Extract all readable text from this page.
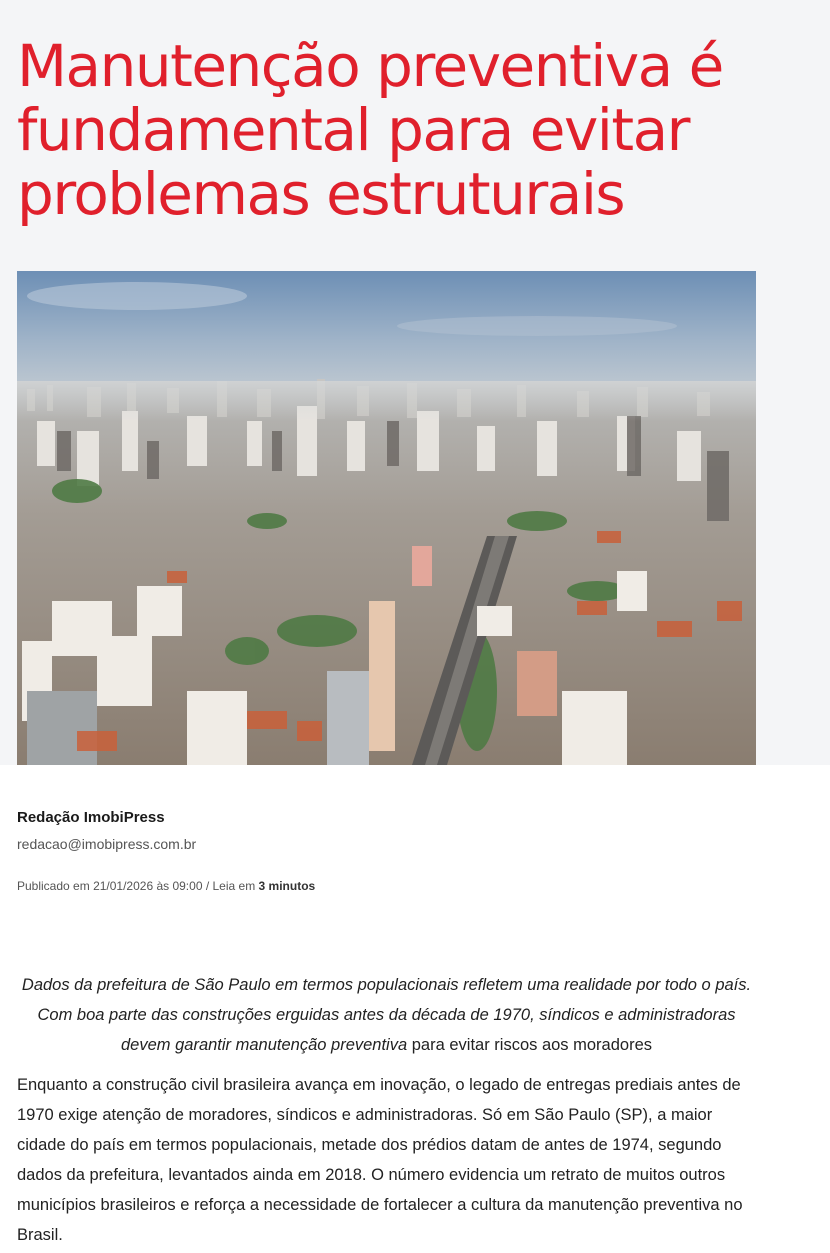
Manutenção preventiva é fundamental para evitar problemas estruturais
Redação ImobiPress
redacao@imobipress.com.br
Publicado em 21/01/2026 às 09:00 / Leia em 3 minutos

Dados da prefeitura de São Paulo em termos populacionais refletem uma realidade por todo o país. Com boa parte das construções erguidas antes da década de 1970, síndicos e administradoras devem garantir manutenção preventiva para evitar riscos aos moradores

Enquanto a construção civil brasileira avança em inovação, o legado de entregas prediais antes de 1970 exige atenção de moradores, síndicos e administradoras. Só em São Paulo (SP), a maior cidade do país em termos populacionais, metade dos prédios datam de antes de 1974, segundo dados da prefeitura, levantados ainda em 2018. O número evidencia um retrato de muitos outros municípios brasileiros e reforça a necessidade de fortalecer a cultura da manutenção preventiva no Brasil.
